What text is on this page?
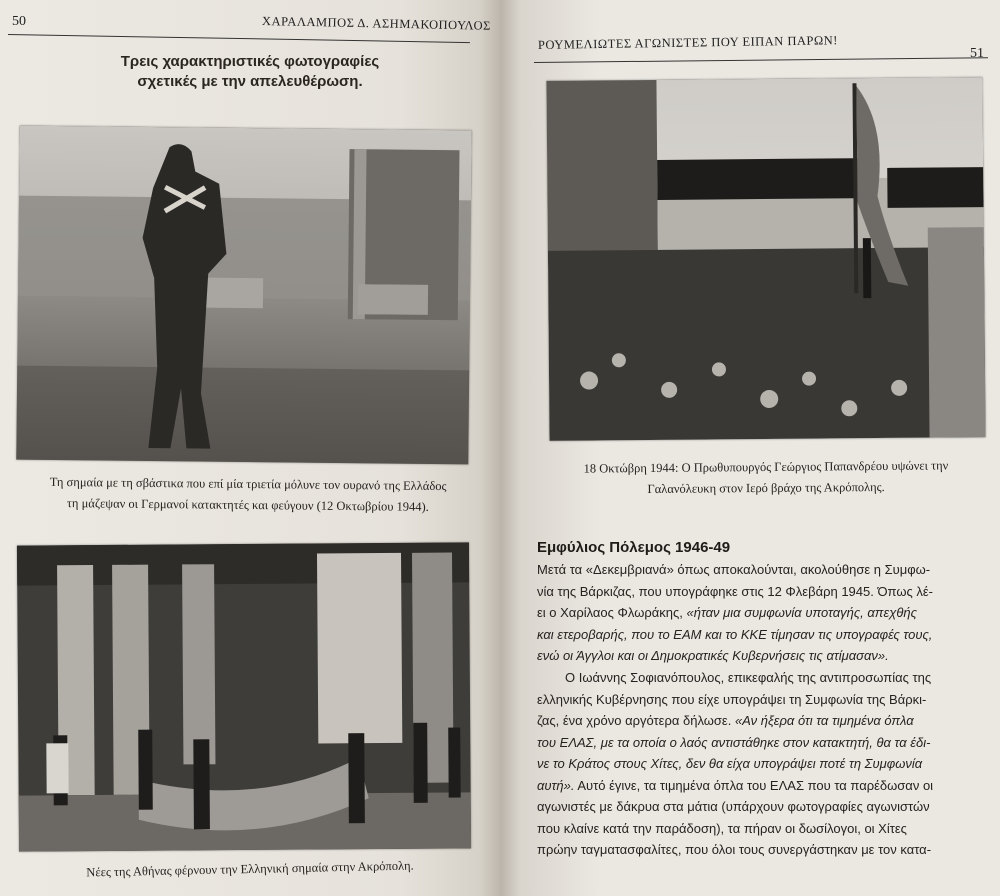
50	ΧΑΡΑΛΑΜΠΟΣ Δ. ΑΣΗΜΑΚΟΠΟΥΛΟΣ
Τρεις χαρακτηριστικές φωτογραφίες
σχετικές με την απελευθέρωση.
Τη σημαία με τη σβάστικα που επί μία τριετία μόλυνε τον ουρανό της Ελλάδος
τη μάζεψαν οι Γερμανοί κατακτητές και φεύγουν (12 Οκτωβρίου 1944).
Νέες της Αθήνας φέρνουν την Ελληνική σημαία στην Ακρόπολη.
ΡΟΥΜΕΛΙΩΤΕΣ ΑΓΩΝΙΣΤΕΣ ΠΟΥ ΕΙΠΑΝ ΠΑΡΩΝ!
51
18 Οκτώβρη 1944: Ο Πρωθυπουργός Γεώργιος Παπανδρέου υψώνει την
Γαλανόλευκη στον Ιερό βράχο της Ακρόπολης.
Εμφύλιος Πόλεμος 1946-49
Μετά τα «Δεκεμβριανά» όπως αποκαλούνται, ακολούθησε η Συμφω-
νία της Βάρκιζας, που υπογράφηκε στις 12 Φλεβάρη 1945. Όπως λέ-
ει ο Χαρίλαος Φλωράκης, «ήταν μια συμφωνία υποταγής, απεχθής
και ετεροβαρής, που το ΕΑΜ και το ΚΚΕ τίμησαν τις υπογραφές τους,
ενώ οι Άγγλοι και οι Δημοκρατικές Κυβερνήσεις τις ατίμασαν».
Ο Ιωάννης Σοφιανόπουλος, επικεφαλής της αντιπροσωπίας της
ελληνικής Κυβέρνησης που είχε υπογράψει τη Συμφωνία της Βάρκι-
ζας, ένα χρόνο αργότερα δήλωσε. «Αν ήξερα ότι τα τιμημένα όπλα
του ΕΛΑΣ, με τα οποία ο λαός αντιστάθηκε στον κατακτητή, θα τα έδι-
νε το Κράτος στους Χίτες, δεν θα είχα υπογράψει ποτέ τη Συμφωνία
αυτή». Αυτό έγινε, τα τιμημένα όπλα του ΕΛΑΣ που τα παρέδωσαν οι
αγωνιστές με δάκρυα στα μάτια (υπάρχουν φωτογραφίες αγωνιστών
που κλαίνε κατά την παράδοση), τα πήραν οι δωσίλογοι, οι Χίτες
πρώην ταγματασφαλίτες, που όλοι τους συνεργάστηκαν με τον κατα-
